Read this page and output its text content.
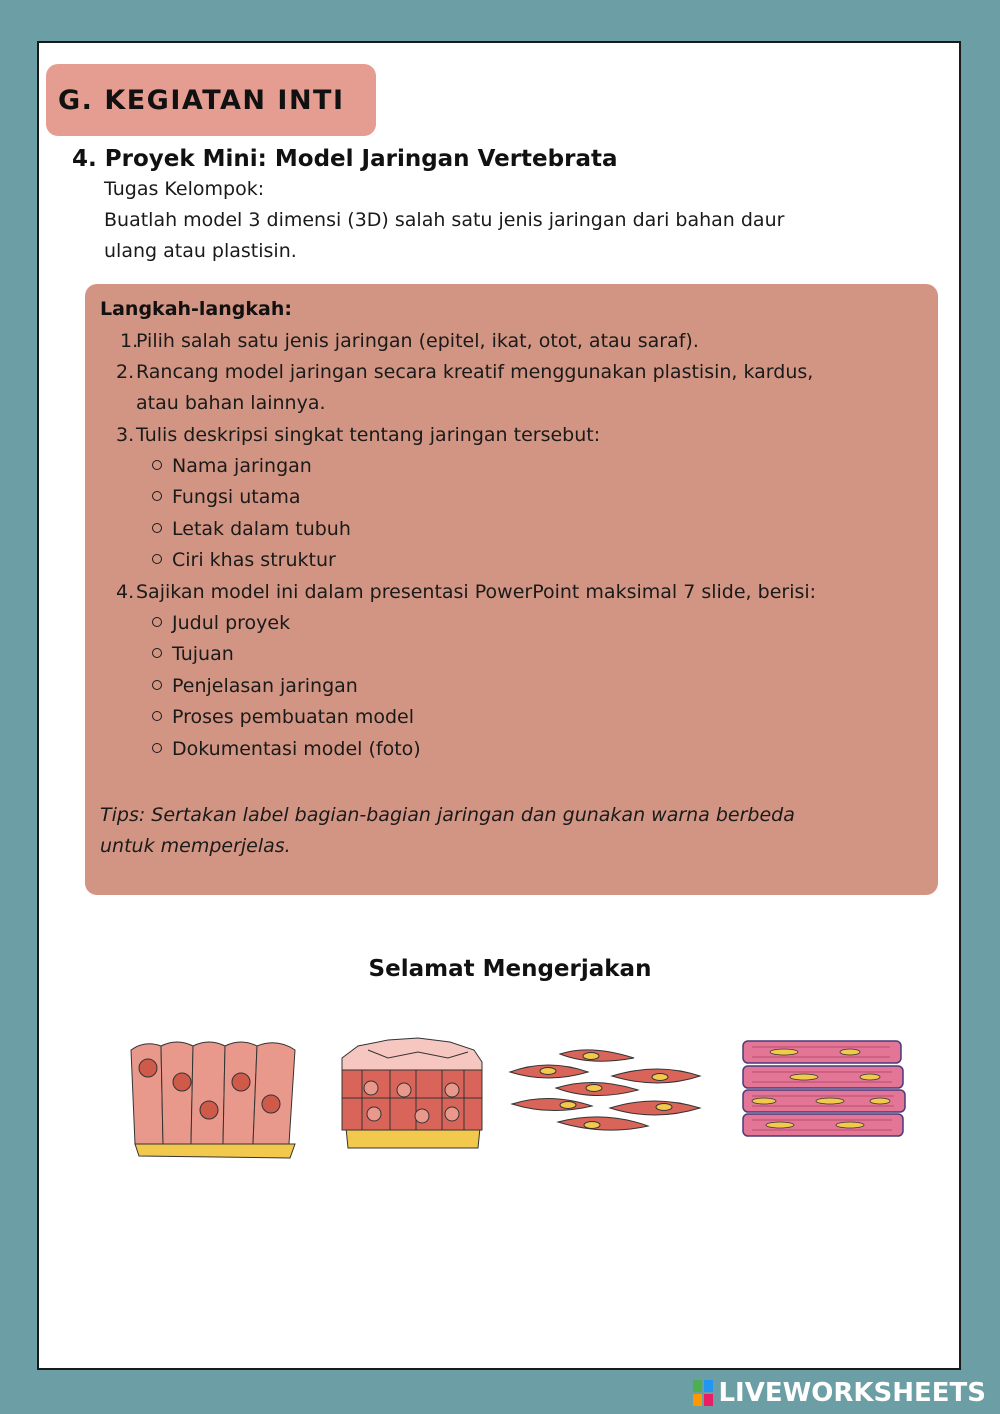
G. KEGIATAN INTI
4. Proyek Mini: Model Jaringan Vertebrata

Tugas Kelompok:

Buatlah model 3 dimensi (3D) salah satu jenis jaringan dari bahan daur

ulang atau plastisin.

Langkah-langkah:
1.
Pilih salah satu jenis jaringan (epitel, ikat, otot, atau saraf).
2. Rancang model jaringan secara kreatif menggunakan plastisin, kardus,
atau bahan lainnya.
3. Tulis deskripsi singkat tentang jaringan tersebut:
Nama jaringan
Fungsi utama
Letak dalam tubuh
Ciri khas struktur
4. Sajikan model ini dalam presentasi PowerPoint maksimal 7 slide, berisi:
Judul proyek
Tujuan
Penjelasan jaringan
Proses pembuatan model
Dokumentasi model (foto)
Tips: Sertakan label bagian-bagian jaringan dan gunakan warna berbeda
untuk memperjelas.
Selamat Mengerjakan
LIVEWORKSHEETS
